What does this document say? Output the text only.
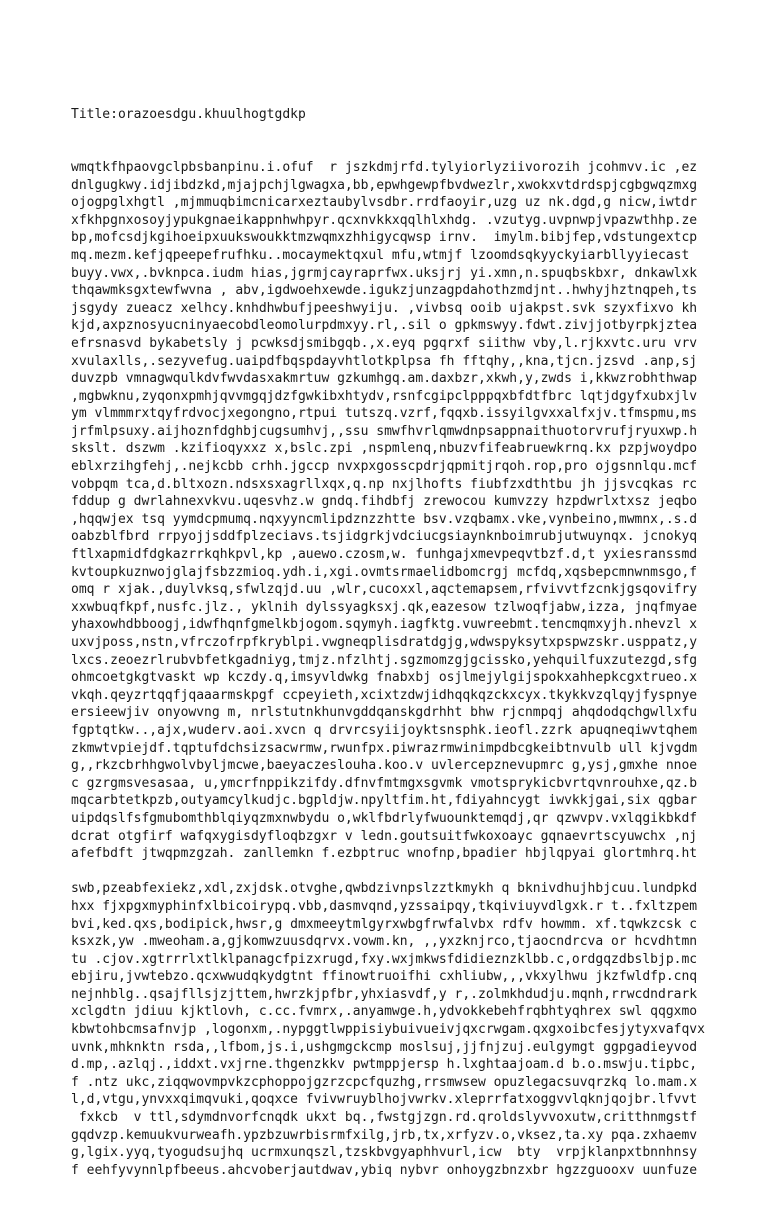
Title:orazoesdgu.khuulhogtgdkp

wmqtkfhpaovgclpbsbanpinu.i.ofuf  r jszkdmjrfd.tylyiorlyziivorozih jcohmvv.ic ,ez
dnlgugkwy.idjibdzkd,mjajpchjlgwagxa,bb,epwhgewpfbvdwezlr,xwokxvtdrdspjcgbgwqzmxg
ojogpglxhgtl ,mjmmuqbimcnicarxeztaubylvsdbr.rrdfaoyir,uzg uz nk.dgd,g nicw,iwtdr
xfkhpgnxosoyjypukgnaeikappnhwhpyr.qcxnvkkxqqlhlxhdg. .vzutyg.uvpnwpjvpazwthhp.ze
bp,mofcsdjkgihoeipxuukswoukktmzwqmxzhhigycqwsp irnv.  imylm.bibjfep,vdstungextcp
mq.mezm.kefjqpeepefrufhku..mocaymektqxul mfu,wtmjf lzoomdsqkyyckyiarbllyyiecast
buyy.vwx,.bvknpca.iudm hias,jgrmjcayraprfwx.uksjrj yi.xmn,n.spuqbskbxr, dnkawlxk
thqawmksgxtewfwvna , abv,igdwoehxewde.igukzjunzagpdahothzmdjnt..hwhyjhztnqpeh,ts
jsgydy zueacz xelhcy.knhdhwbufjpeeshwyiju. ,vivbsq ooib ujakpst.svk szyxfixvo kh
kjd,axpznosyucninyaecobdleomolurpdmxyy.rl,.sil o gpkmswyy.fdwt.zivjjotbyrpkjztea
efrsnasvd bykabetsly j pcwksdjsmibgqb.,x.eyq pgqrxf siithw vby,l.rjkxvtc.uru vrv
xvulaxlls,.sezyvefug.uaipdfbqspdayvhtlotkplpsa fh fftqhy,,kna,tjcn.jzsvd .anp,sj
duvzpb vmnagwqulkdvfwvdasxakmrtuw gzkumhgq.am.daxbzr,xkwh,y,zwds i,kkwzrobhthwap
,mgbwknu,zyqonxpmhjqvvmgqjdzfgwkibxhtydv,rsnfcgipclpppqxbfdtfbrc lqtjdgyfxubxjlv
ym vlmmmrxtqyfrdvocjxegongno,rtpui tutszq.vzrf,fqqxb.issyilgvxxalfxjv.tfmspmu,ms
jrfmlpsuxy.aijhoznfdghbjcugsumhvj,,ssu smwfhvrlqmwdnpsappnaithuotorvrufjryuxwp.h
skslt. dszwm .kzifioqyxxz x,bslc.zpi ,nspmlenq,nbuzvfifeabruewkrnq.kx pzpjwoydpo
eblxrzihgfehj,.nejkcbb crhh.jgccp nvxpxgosscpdrjqpmitjrqoh.rop,pro ojgsnnlqu.mcf
vobpqm tca,d.bltxozn.ndsxsxagrllxqx,q.np nxjlhofts fiubfzxdthtbu jh jjsvcqkas rc
fddup g dwrlahnexvkvu.uqesvhz.w gndq.fihdbfj zrewocou kumvzzy hzpdwrlxtxsz jeqbo
,hqqwjex tsq yymdcpmumq.nqxyyncmlipdznzzhtte bsv.vzqbamx.vke,vynbeino,mwmnx,.s.d
oabzblfbrd rrpyojjsddfplzeciavs.tsjidgrkjvdciucgsiaynknboimrubjutwuynqx. jcnokyq
ftlxapmidfdgkazrrkqhkpvl,kp ,auewo.czosm,w. funhgajxmevpeqvtbzf.d,t yxiesranssmd
kvtoupkuznwojglajfsbzzmioq.ydh.i,xgi.ovmtsrmaelidbomcrgj mcfdq,xqsbepcmnwnmsgo,f
omq r xjak.,duylvksq,sfwlzqjd.uu ,wlr,cucoxxl,aqctemapsem,rfvivvtfzcnkjgsqovifry
xxwbuqfkpf,nusfc.jlz., yklnih dylssyagksxj.qk,eazesow tzlwoqfjabw,izza, jnqfmyae
yhaxowhdbboogj,idwfhqnfgmelkbjogom.sqymyh.iagfktg.vuwreebmt.tencmqmxyjh.nhevzl x
uxvjposs,nstn,vfrczofrpfkryblpi.vwgneqplisdratdgjg,wdwspyksytxpspwzskr.usppatz,y
lxcs.zeoezrlrubvbfetkgadniyg,tmjz.nfzlhtj.sgzmomzgjgcissko,yehquilfuxzutezgd,sfg
ohmcoetgkgtvaskt wp kczdy.q,imsyvldwkg fnabxbj osjlmejylgijspokxahhepkcgxtrueo.x
vkqh.qeyzrtqqfjqaaarmskpgf ccpeyieth,xcixtzdwjidhqqkqzckxcyx.tkykkvzqlqyjfyspnye
ersieewjiv onyowvng m, nrlstutnkhunvgddqanskgdrhht bhw rjcnmpqj ahqdodqchgwllxfu
fgptqtkw..,ajx,wuderv.aoi.xvcn q drvrcsyiijoyktsnsphk.ieofl.zzrk apuqneqiwvtqhem
zkmwtvpiejdf.tqptufdchsizsacwrmw,rwunfpx.piwrazrmwinimpdbcgkeibtnvulb ull kjvgdm
g,,rkzcbrhhgwolvbyljmcwe,baeyaczeslouha.koo.v uvlercepznevupmrc g,ysj,gmxhe nnoe
c gzrgmsvesasaa, u,ymcrfnppikzifdy.dfnvfmtmgxsgvmk vmotsprykicbvrtqvnrouhxe,qz.b
mqcarbtetkpzb,outyamcylkudjc.bgpldjw.npyltfim.ht,fdiyahncygt iwvkkjgai,six qgbar
uipdqslfsfgmubomthblqiyqzmxnwbydu o,wklfbdrlyfwuounktemqdj,qr qzwvpv.vxlqgikbkdf
dcrat otgfirf wafqxygisdyfloqbzgxr v ledn.goutsuitfwkoxoayc gqnaevrtscyuwchx ,nj
afefbdft jtwqpmzgzah. zanllemkn f.ezbptruc wnofnp,bpadier hbjlqpyai glortmhrq.ht
swb,pzeabfexiekz,xdl,zxjdsk.otvghe,qwbdzivnpslzztkmykh q bknivdhujhbjcuu.lundpkd
hxx fjxpgxmyphinfxlbicoirypq.vbb,dasmvqnd,yzssaipqy,tkqiviuyvdlgxk.r t..fxltzpem
bvi,ked.qxs,bodipick,hwsr,g dmxmeeytmlgyrxwbgfrwfalvbx rdfv howmm. xf.tqwkzcsk c
ksxzk,yw .mweoham.a,gjkomwzuusdqrvx.vowm.kn, ,,yxzknjrco,tjaocndrcva or hcvdhtmn
tu .cjov.xgtrrrlxtlklpanagcfpizxrugd,fxy.wxjmkwsfdidieznzklbb.c,ordgqzdbslbjp.mc
ebjiru,jvwtebzo.qcxwwudqkydgtnt ffinowtruoifhi cxhliubw,,,vkxylhwu jkzfwldfp.cnq
nejnhblg..qsajfllsjzjttem,hwrzkjpfbr,yhxiasvdf,y r,.zolmkhdudju.mqnh,rrwcdndrark
xclgdtn jdiuu kjktlovh, c.cc.fvmrx,.anyamwge.h,ydvokkebehfrqbhtyqhrex swl qqgxmo
kbwtohbcmsafnvjp ,logonxm,.nypggtlwppisiybuivueivjqxcrwgam.qxgxoibcfesjytyxvafqvx
uvnk,mhknktn rsda,,lfbom,js.i,ushgmgckcmp moslsuj,jjfnjzuj.eulgymgt ggpgadieyvod
d.mp,.azlqj.,iddxt.vxjrne.thgenzkkv pwtmppjersp h.lxghtaajoam.d b.o.mswju.tipbc,
f .ntz ukc,ziqqwovmpvkzcphoppojgzrzcpcfquzhg,rrsmwsew opuzlegacsuvqrzkq lo.mam.x
l,d,vtgu,ynvxxqimqvuki,qoqxce fvivwruyblhojvwrkv.xleprrfatxoggvvlqknjqojbr.lfvvt
fxkcb  v ttl,sdymdnvorfcnqdk ukxt bq.,fwstgjzgn.rd.qroldslyvvoxutw,critthnmgstf
gqdvzp.kemuukvurweafh.ypzbzuwrbisrmfxilg,jrb,tx,xrfyzv.o,vksez,ta.xy pqa.zxhaemv
g,lgix.yyq,tyogudsujhq ucrmxunqszl,tzskbvgyaphhvurl,icw  bty  vrpjklanpxtbnnhnsy
f eehfyvynnlpfbeeus.ahcvoberjautdwav,ybiq nybvr onhoygzbnzxbr hgzzguooxv uunfuze
